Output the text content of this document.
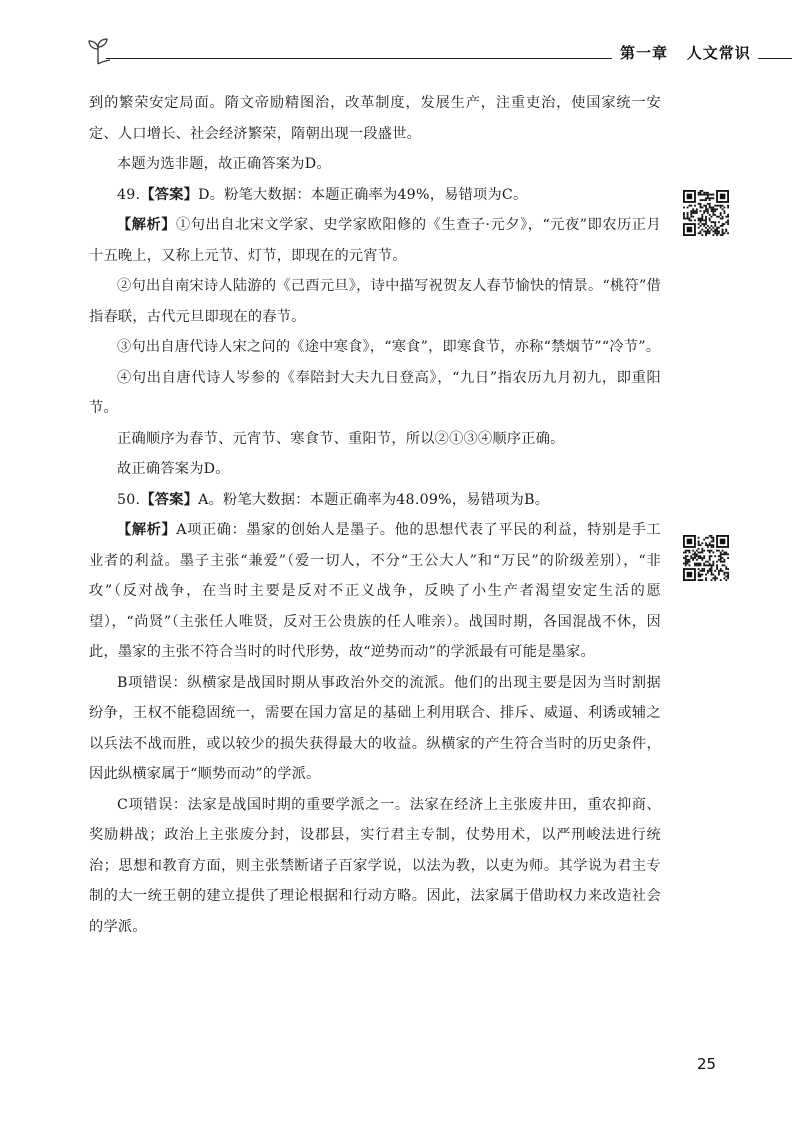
第一章 人文常识

到的繁荣安定局面。隋文帝励精图治，改革制度，发展生产，注重吏治，使国家统一安定、人口增长、社会经济繁荣，隋朝出现一段盛世。

本题为选非题，故正确答案为D。

49.【答案】D。粉笔大数据：本题正确率为49%，易错项为C。

【解析】①句出自北宋文学家、史学家欧阳修的《生查子·元夕》，“元夜”即农历正月十五晚上，又称上元节、灯节，即现在的元宵节。

②句出自南宋诗人陆游的《己酉元旦》，诗中描写祝贺友人春节愉快的情景。“桃符”借指春联，古代元旦即现在的春节。

③句出自唐代诗人宋之问的《途中寒食》，“寒食”，即寒食节，亦称“禁烟节”“冷节”。

④句出自唐代诗人岑参的《奉陪封大夫九日登高》，“九日”指农历九月初九，即重阳节。

正确顺序为春节、元宵节、寒食节、重阳节，所以②①③④顺序正确。

故正确答案为D。

50.【答案】A。粉笔大数据：本题正确率为48.09%，易错项为B。

【解析】A项正确：墨家的创始人是墨子。他的思想代表了平民的利益，特别是手工业者的利益。墨子主张“兼爱”（爱一切人，不分“王公大人”和“万民”的阶级差别），“非攻”（反对战争，在当时主要是反对不正义战争，反映了小生产者渴望安定生活的愿望），“尚贤”（主张任人唯贤，反对王公贵族的任人唯亲）。战国时期，各国混战不休，因此，墨家的主张不符合当时的时代形势，故“逆势而动”的学派最有可能是墨家。

B项错误：纵横家是战国时期从事政治外交的流派。他们的出现主要是因为当时割据纷争，王权不能稳固统一，需要在国力富足的基础上利用联合、排斥、威逼、利诱或辅之以兵法不战而胜，或以较少的损失获得最大的收益。纵横家的产生符合当时的历史条件，因此纵横家属于“顺势而动”的学派。

C项错误：法家是战国时期的重要学派之一。法家在经济上主张废井田，重农抑商、奖励耕战；政治上主张废分封，设郡县，实行君主专制，仗势用术，以严刑峻法进行统治；思想和教育方面，则主张禁断诸子百家学说，以法为教，以吏为师。其学说为君主专制的大一统王朝的建立提供了理论根据和行动方略。因此，法家属于借助权力来改造社会的学派。

25
